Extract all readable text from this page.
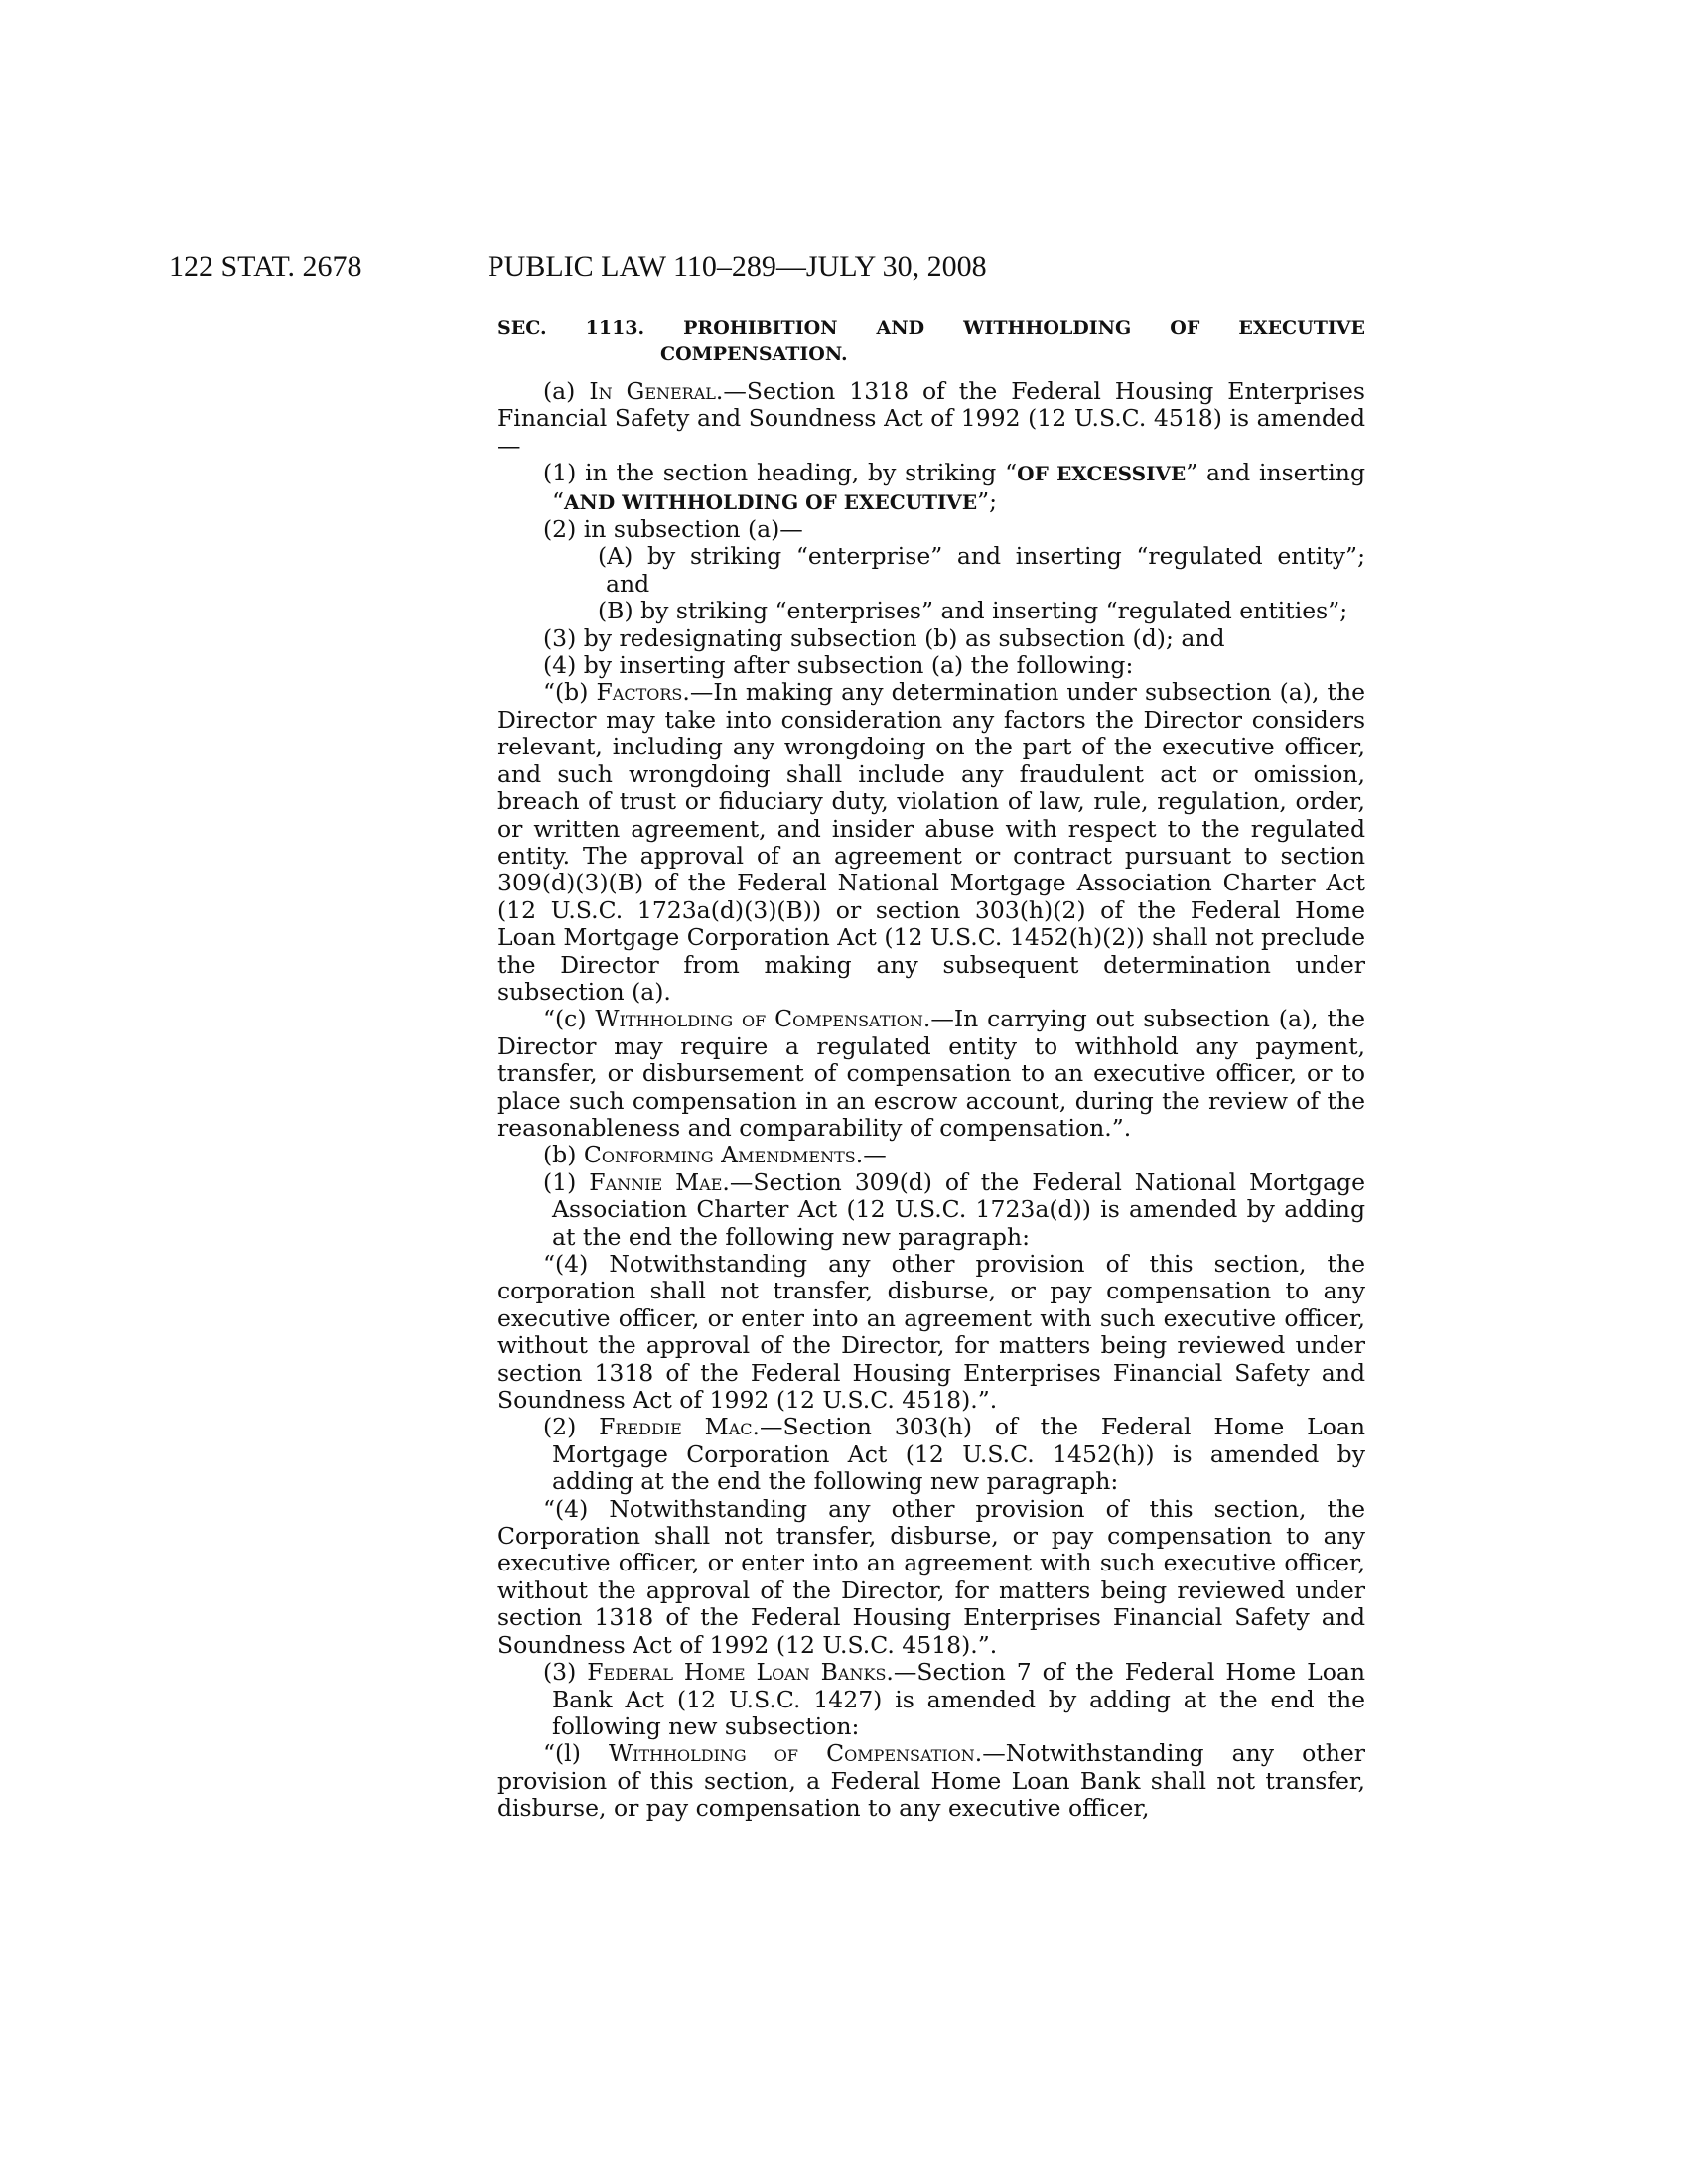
122 STAT. 2678	PUBLIC LAW 110–289—JULY 30, 2008

SEC. 1113. PROHIBITION AND WITHHOLDING OF EXECUTIVE COMPENSATION.

(a) In General.—Section 1318 of the Federal Housing Enterprises Financial Safety and Soundness Act of 1992 (12 U.S.C. 4518) is amended—

(1) in the section heading, by striking “OF EXCESSIVE” and inserting “AND WITHHOLDING OF EXECUTIVE”;

(2) in subsection (a)—

(A) by striking “enterprise” and inserting “regulated entity”; and

(B) by striking “enterprises” and inserting “regulated entities”;

(3) by redesignating subsection (b) as subsection (d); and

(4) by inserting after subsection (a) the following:

“(b) Factors.—In making any determination under subsection (a), the Director may take into consideration any factors the Director considers relevant, including any wrongdoing on the part of the executive officer, and such wrongdoing shall include any fraudulent act or omission, breach of trust or fiduciary duty, violation of law, rule, regulation, order, or written agreement, and insider abuse with respect to the regulated entity. The approval of an agreement or contract pursuant to section 309(d)(3)(B) of the Federal National Mortgage Association Charter Act (12 U.S.C. 1723a(d)(3)(B)) or section 303(h)(2) of the Federal Home Loan Mortgage Corporation Act (12 U.S.C. 1452(h)(2)) shall not preclude the Director from making any subsequent determination under subsection (a).

“(c) Withholding of Compensation.—In carrying out subsection (a), the Director may require a regulated entity to withhold any payment, transfer, or disbursement of compensation to an executive officer, or to place such compensation in an escrow account, during the review of the reasonableness and comparability of compensation.”.

(b) Conforming Amendments.—

(1) Fannie Mae.—Section 309(d) of the Federal National Mortgage Association Charter Act (12 U.S.C. 1723a(d)) is amended by adding at the end the following new paragraph:

“(4) Notwithstanding any other provision of this section, the corporation shall not transfer, disburse, or pay compensation to any executive officer, or enter into an agreement with such executive officer, without the approval of the Director, for matters being reviewed under section 1318 of the Federal Housing Enterprises Financial Safety and Soundness Act of 1992 (12 U.S.C. 4518).”.

(2) Freddie Mac.—Section 303(h) of the Federal Home Loan Mortgage Corporation Act (12 U.S.C. 1452(h)) is amended by adding at the end the following new paragraph:

“(4) Notwithstanding any other provision of this section, the Corporation shall not transfer, disburse, or pay compensation to any executive officer, or enter into an agreement with such executive officer, without the approval of the Director, for matters being reviewed under section 1318 of the Federal Housing Enterprises Financial Safety and Soundness Act of 1992 (12 U.S.C. 4518).”.

(3) Federal Home Loan Banks.—Section 7 of the Federal Home Loan Bank Act (12 U.S.C. 1427) is amended by adding at the end the following new subsection:

“(l) Withholding of Compensation.—Notwithstanding any other provision of this section, a Federal Home Loan Bank shall not transfer, disburse, or pay compensation to any executive officer,
